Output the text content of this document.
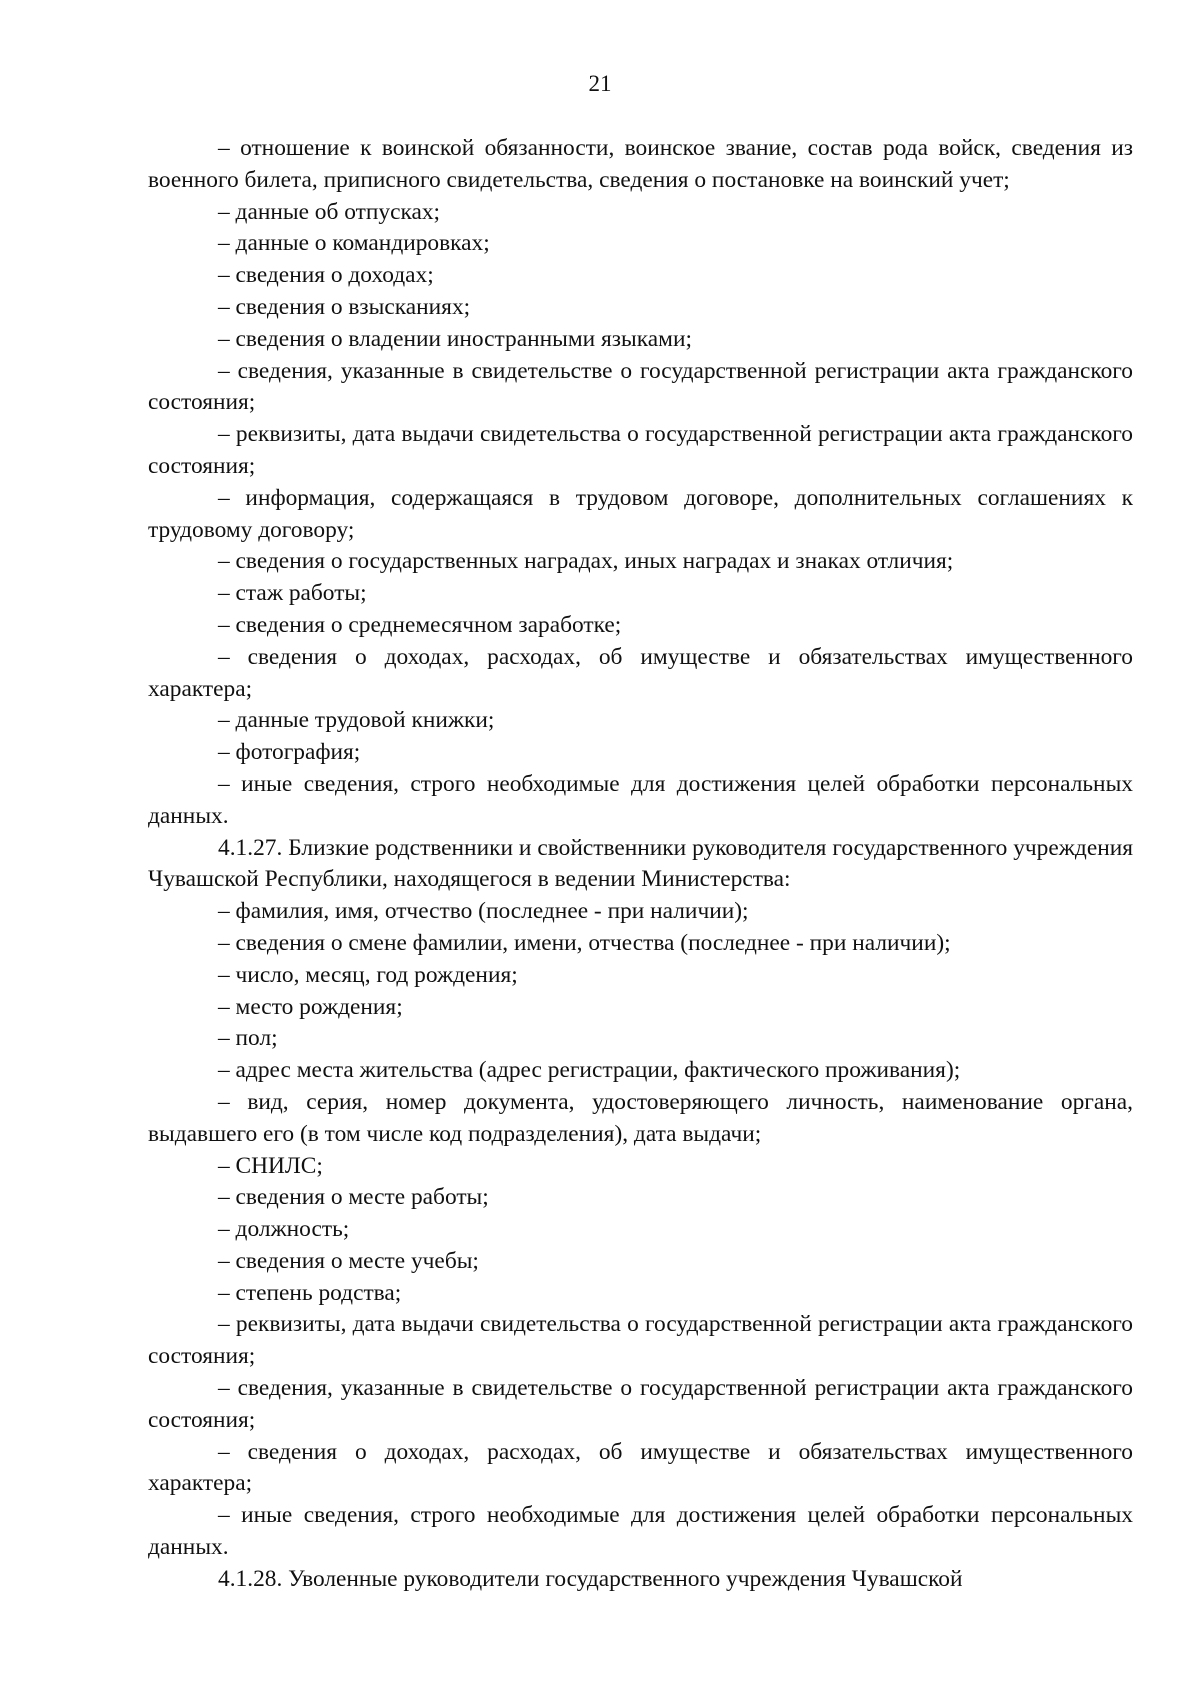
21

– отношение к воинской обязанности, воинское звание, состав рода войск, сведения из военного билета, приписного свидетельства, сведения о постановке на воинский учет;

– данные об отпусках;

– данные о командировках;

– сведения о доходах;

– сведения о взысканиях;

– сведения о владении иностранными языками;

– сведения, указанные в свидетельстве о государственной регистрации акта гражданского состояния;

– реквизиты, дата выдачи свидетельства о государственной регистрации акта гражданского состояния;

– информация, содержащаяся в трудовом договоре, дополнительных соглашениях к трудовому договору;

– сведения о государственных наградах, иных наградах и знаках отличия;

– стаж работы;

– сведения о среднемесячном заработке;

– сведения о доходах, расходах, об имуществе и обязательствах имущественного характера;

– данные трудовой книжки;

– фотография;

– иные сведения, строго необходимые для достижения целей обработки персональных данных.

4.1.27. Близкие родственники и свойственники руководителя государственного учреждения Чувашской Республики, находящегося в ведении Министерства:

– фамилия, имя, отчество (последнее - при наличии);

– сведения о смене фамилии, имени, отчества (последнее - при наличии);

– число, месяц, год рождения;

– место рождения;

– пол;

– адрес места жительства (адрес регистрации, фактического проживания);

– вид, серия, номер документа, удостоверяющего личность, наименование органа, выдавшего его (в том числе код подразделения), дата выдачи;

– СНИЛС;

– сведения о месте работы;

– должность;

– сведения о месте учебы;

– степень родства;

– реквизиты, дата выдачи свидетельства о государственной регистрации акта гражданского состояния;

– сведения, указанные в свидетельстве о государственной регистрации акта гражданского состояния;

– сведения о доходах, расходах, об имуществе и обязательствах имущественного характера;

– иные сведения, строго необходимые для достижения целей обработки персональных данных.

4.1.28. Уволенные руководители государственного учреждения Чувашской
